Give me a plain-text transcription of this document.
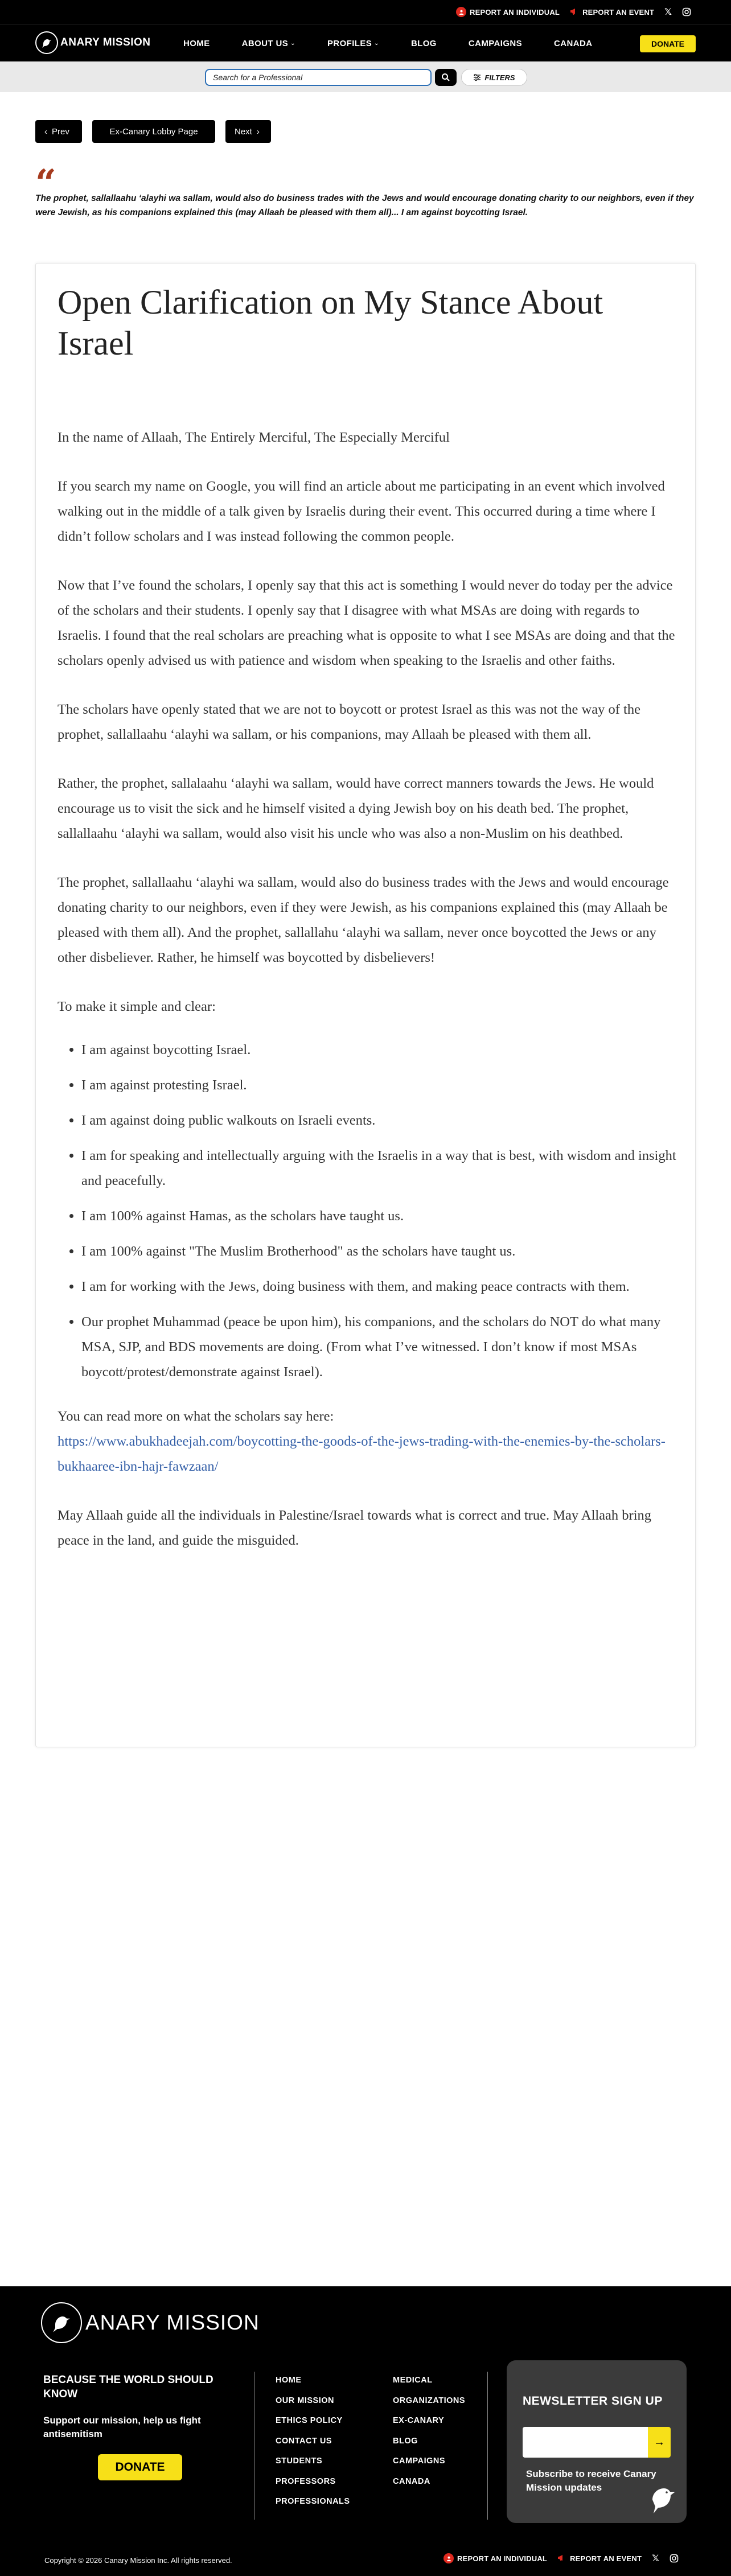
REPORT AN INDIVIDUAL	REPORT AN EVENT 𝕏
ANARY MISSION	HOME	ABOUT US ⌄	PROFILES ⌄	BLOG	CAMPAIGNS	CANADA	DONATE
Search for a Professional
FILTERS
‹ Prev	Ex-Canary Lobby Page	Next ›
“
The prophet, sallallaahu ‘alayhi wa sallam, would also do business trades with the Jews and would encourage donating charity to our neighbors, even if they were Jewish, as his companions explained this (may Allaah be pleased with them all)... I am against boycotting Israel.
Open Clarification on My Stance About Israel

In the name of Allaah, The Entirely Merciful, The Especially Merciful

If you search my name on Google, you will find an article about me participating in an event which involved walking out in the middle of a talk given by Israelis during their event. This occurred during a time where I didn’t follow scholars and I was instead following the common people.

Now that I’ve found the scholars, I openly say that this act is something I would never do today per the advice of the scholars and their students. I openly say that I disagree with what MSAs are doing with regards to Israelis. I found that the real scholars are preaching what is opposite to what I see MSAs are doing and that the scholars openly advised us with patience and wisdom when speaking to the Israelis and other faiths.

The scholars have openly stated that we are not to boycott or protest Israel as this was not the way of the prophet, sallallaahu ‘alayhi wa sallam, or his companions, may Allaah be pleased with them all.

Rather, the prophet, sallalaahu ‘alayhi wa sallam, would have correct manners towards the Jews. He would encourage us to visit the sick and he himself visited a dying Jewish boy on his death bed. The prophet, sallallaahu ‘alayhi wa sallam, would also visit his uncle who was also a non-Muslim on his deathbed.

The prophet, sallallaahu ‘alayhi wa sallam, would also do business trades with the Jews and would encourage donating charity to our neighbors, even if they were Jewish, as his companions explained this (may Allaah be pleased with them all). And the prophet, sallallahu ‘alayhi wa sallam, never once boycotted the Jews or any other disbeliever. Rather, he himself was boycotted by disbelievers!

To make it simple and clear:

• I am against boycotting Israel.
• I am against protesting Israel.
• I am against doing public walkouts on Israeli events.
• I am for speaking and intellectually arguing with the Israelis in a way that is best, with wisdom and insight and peacefully.
• I am 100% against Hamas, as the scholars have taught us.
• I am 100% against "The Muslim Brotherhood" as the scholars have taught us.
• I am for working with the Jews, doing business with them, and making peace contracts with them.
• Our prophet Muhammad (peace be upon him), his companions, and the scholars do NOT do what many MSA, SJP, and BDS movements are doing. (From what I’ve witnessed. I don’t know if most MSAs boycott/protest/demonstrate against Israel).

You can read more on what the scholars say here:
https://www.abukhadeejah.com/boycotting-the-goods-of-the-jews-trading-with-the-enemies-by-the-scholars-bukhaaree-ibn-hajr-fawzaan/

May Allaah guide all the individuals in Palestine/Israel towards what is correct and true. May Allaah bring peace in the land, and guide the misguided.

ANARY MISSION
BECAUSE THE WORLD SHOULD KNOW
Support our mission, help us fight antisemitism
DONATE
HOME
OUR MISSION
ETHICS POLICY
CONTACT US
STUDENTS
PROFESSORS
PROFESSIONALS
MEDICAL
ORGANIZATIONS
EX-CANARY
BLOG
CAMPAIGNS
CANADA
NEWSLETTER SIGN UP
→
Subscribe to receive Canary Mission updates
Copyright © 2026 Canary Mission Inc. All rights reserved.	REPORT AN INDIVIDUAL	REPORT AN EVENT 𝕏
